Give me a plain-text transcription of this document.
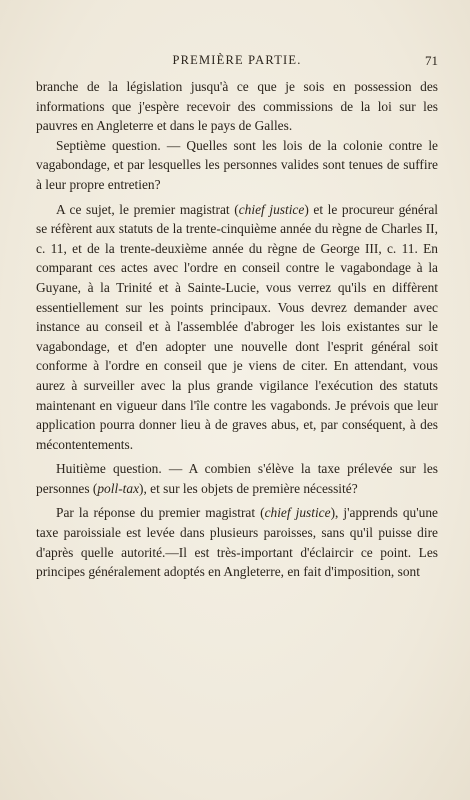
PREMIÈRE PARTIE.	71

branche de la législation jusqu'à ce que je sois en possession des informations que j'espère recevoir des commissions de la loi sur les pauvres en Angleterre et dans le pays de Galles.

Septième question. — Quelles sont les lois de la colonie contre le vagabondage, et par lesquelles les personnes valides sont tenues de suffire à leur propre entretien?

A ce sujet, le premier magistrat (chief justice) et le procureur général se réfèrent aux statuts de la trente-cinquième année du règne de Charles II, c. 11, et de la trente-deuxième année du règne de George III, c. 11. En comparant ces actes avec l'ordre en conseil contre le vagabondage à la Guyane, à la Trinité et à Sainte-Lucie, vous verrez qu'ils en diffèrent essentiellement sur les points principaux. Vous devrez demander avec instance au conseil et à l'assemblée d'abroger les lois existantes sur le vagabondage, et d'en adopter une nouvelle dont l'esprit général soit conforme à l'ordre en conseil que je viens de citer. En attendant, vous aurez à surveiller avec la plus grande vigilance l'exécution des statuts maintenant en vigueur dans l'île contre les vagabonds. Je prévois que leur application pourra donner lieu à de graves abus, et, par conséquent, à des mécontentements.

Huitième question. — A combien s'élève la taxe prélevée sur les personnes (poll-tax), et sur les objets de première nécessité?

Par la réponse du premier magistrat (chief justice), j'apprends qu'une taxe paroissiale est levée dans plusieurs paroisses, sans qu'il puisse dire d'après quelle autorité.—Il est très-important d'éclaircir ce point. Les principes généralement adoptés en Angleterre, en fait d'imposition, sont
